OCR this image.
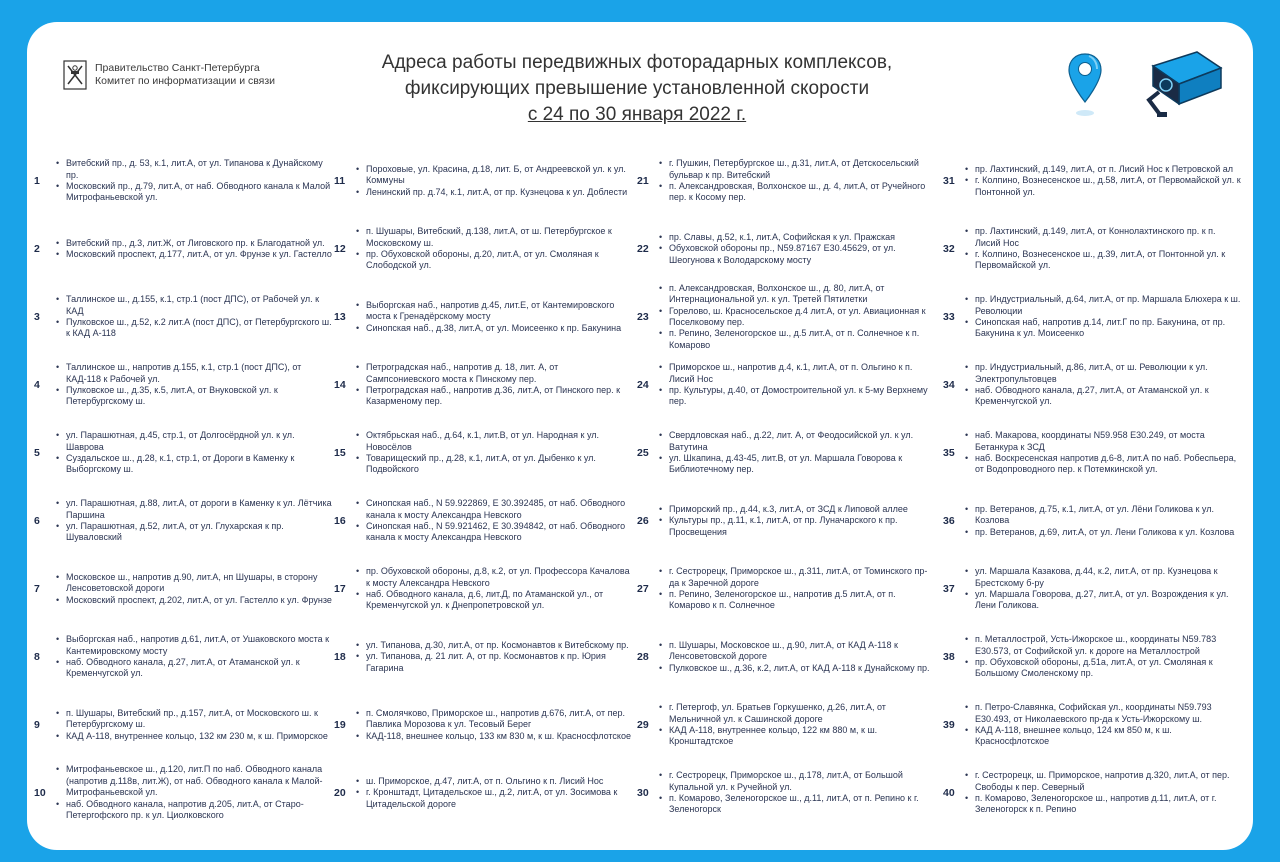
Правительство Санкт-Петербурга
Комитет по информатизации и связи
Адреса работы передвижных фоторадарных комплексов,
фиксирующих превышение установленной скорости
с 24 по 30 января 2022 г.
1
• Витебский пр., д. 53, к.1, лит.А, от ул. Типанова к Дунайскому пр.
• Московский пр., д.79, лит.А, от наб. Обводного канала к Малой Митрофаньевской ул.
2
• Витебский пр., д.3, лит.Ж, от Лиговского пр. к Благодатной ул.
• Московский проспект, д.177, лит.А, от ул. Фрунзе к ул. Гастелло
3
• Таллинское ш., д.155, к.1, стр.1 (пост ДПС), от Рабочей ул. к КАД
• Пулковское ш., д.52, к.2 лит.А (пост ДПС), от Петербургского ш. к КАД А-118
4
• Таллинское ш., напротив д.155, к.1, стр.1 (пост ДПС), от КАД-118 к Рабочей ул.
• Пулковское ш., д.35, к.5, лит.А, от Внуковской ул. к Петербургскому ш.
5
• ул. Парашютная, д.45, стр.1, от Долгосёрдной ул. к ул. Шаврова
• Суздальское ш., д.28, к.1, стр.1, от Дороги в Каменку к Выборгскому ш.
6
• ул. Парашютная, д.88, лит.А, от дороги в Каменку к ул. Лётчика Паршина
• ул. Парашютная, д.52, лит.А, от ул. Глухарская к пр. Шуваловский
7
• Московское ш., напротив д.90, лит.А, нп Шушары, в сторону Ленсоветовской дороги
• Московский проспект, д.202, лит.А, от ул. Гастелло к ул. Фрунзе
8
• Выборгская наб., напротив д.61, лит.А, от Ушаковского моста к Кантемировскому мосту
• наб. Обводного канала, д.27, лит.А, от Атаманской ул. к Кременчугской ул.
9
• п. Шушары, Витебский пр., д.157, лит.А, от Московского ш. к Петербургскому ш.
• КАД А-118, внутреннее кольцо, 132 км 230 м, к ш. Приморское
10
• Митрофаньевское ш., д.120, лит.П по наб. Обводного канала (напротив д.118в, лит.Ж), от наб. Обводного канала к Малой-Митрофаньевской ул.
• наб. Обводного канала, напротив д.205, лит.А, от Старо-Петергофского пр. к ул. Циолковского
11
• Пороховые, ул. Красина, д.18, лит. Б, от Андреевской ул. к ул. Коммуны
• Ленинский пр. д.74, к.1, лит.А, от пр. Кузнецова к ул. Доблести
12
• п. Шушары, Витебский, д.138, лит.А, от ш. Петербургское к Московскому ш.
• пр. Обуховской обороны, д.20, лит.А, от ул. Смоляная к Слободской ул.
13
• Выборгская наб., напротив д.45, лит.Е, от Кантемировского моста к Гренадёрскому мосту
• Синопская наб., д.38, лит.А, от ул. Моисеенко к пр. Бакунина
14
• Петроградская наб., напротив д. 18, лит. А, от Сампсониевского моста к Пинскому пер.
• Петроградская наб., напротив д.36, лит.А, от Пинского пер. к Казарменому пер.
15
• Октябрьская наб., д.64, к.1, лит.В, от ул. Народная к ул. Новосёлов
• Товарищеский пр., д.28, к.1, лит.А, от ул. Дыбенко к ул. Подвойского
16
• Синопская наб., N 59.922869, E 30.392485, от наб. Обводного канала к мосту Александра Невского
• Синопская наб., N 59.921462, E 30.394842, от наб. Обводного канала к мосту Александра Невского
17
• пр. Обуховской обороны, д.8, к.2, от ул. Профессора Качалова к мосту Александра Невского
• наб. Обводного канала, д.6, лит.Д, по Атаманской ул., от Кременчугской ул. к Днепропетровской ул.
18
• ул. Типанова, д.30, лит.А, от пр. Космонавтов к Витебскому пр.
• ул. Типанова, д. 21 лит. А, от пр. Космонавтов к пр. Юрия Гагарина
19
• п. Смолячково, Приморское ш., напротив д.676, лит.А, от пер. Павлика Морозова к ул. Тесовый Берег
• КАД-118, внешнее кольцо, 133 км 830 м, к ш. Красносфлотское
20
• ш. Приморское, д.47, лит.А, от п. Ольгино к п. Лисий Нос
• г. Кронштадт, Цитадельское ш., д.2, лит.А, от ул. Зосимова к Цитадельской дороге
21
• г. Пушкин, Петербургское ш., д.31, лит.А, от Детскосельский бульвар к пр. Витебский
• п. Александровская, Волхонское ш., д. 4, лит.А, от Ручейного пер. к Косому пер.
22
• пр. Славы, д.52, к.1, лит.А, Софийская к ул. Пражская
• Обуховской обороны пр., N59.87167 E30.45629, от ул. Шеогунова к Володарскому мосту
23
• п. Александровская, Волхонское ш., д. 80, лит.А, от Интернациональной ул. к ул. Третей Пятилетки
• Горелово, ш. Красносельское д.4 лит.А, от ул. Авиационная к Поселковому пер.
• п. Репино, Зеленогорское ш., д.5 лит.А, от п. Солнечное к п. Комарово
24
• Приморское ш., напротив д.4, к.1, лит.А, от п. Ольгино к п. Лисий Нос
• пр. Культуры, д.40, от Домостроительной ул. к 5-му Верхнему пер.
25
• Свердловская наб., д.22, лит. А, от Феодосийской ул. к ул. Ватутина
• ул. Шкапина, д.43-45, лит.В, от ул. Маршала Говорова к Библиотечному пер.
26
• Приморский пр., д.44, к.3, лит.А, от ЗСД к Липовой аллее
• Культуры пр., д.11, к.1, лит.А, от пр. Луначарского к пр. Просвещения
27
• г. Сестрорецк, Приморское ш., д.311, лит.А, от Томинского пр-да к Заречной дороге
• п. Репино, Зеленогорское ш., напротив д.5 лит.А, от п. Комарово к п. Солнечное
28
• п. Шушары, Московское ш., д.90, лит.А, от КАД А-118 к Ленсоветовской дороге
• Пулковское ш., д.36, к.2, лит.А, от КАД А-118 к Дунайскому пр.
29
• г. Петергоф, ул. Братьев Горкушенко, д.26, лит.А, от Мельничной ул. к Сашинской дороге
• КАД А-118, внутреннее кольцо, 122 км 880 м, к ш. Кронштадтское
30
• г. Сестрорецк, Приморское ш., д.178, лит.А, от Большой Купальной ул. к Ручейной ул.
• п. Комарово, Зеленогорское ш., д.11, лит.А, от п. Репино к г. Зеленогорск
31
• пр. Лахтинский, д.149, лит.А, от п. Лисий Нос к Петровской ал
• г. Колпино, Вознесенское ш., д.58, лит.А, от Первомайской ул. к Понтонной ул.
32
• пр. Лахтинский, д.149, лит.А, от Коннолахтинского пр. к п. Лисий Нос
• г. Колпино, Вознесенское ш., д.39, лит.А, от Понтонной ул. к Первомайской ул.
33
• пр. Индустриальный, д.64, лит.А, от пр. Маршала Блюхера к ш. Революции
• Синопская наб, напротив д.14, лит.Г по пр. Бакунина, от пр. Бакунина к ул. Моисеенко
34
• пр. Индустриальный, д.86, лит.А, от ш. Революции к ул. Электропультовцев
• наб. Обводного канала, д.27, лит.А, от Атаманской ул. к Кременчугской ул.
35
• наб. Макарова, координаты N59.958 E30.249, от моста Бетанкура к ЗСД
• наб. Воскресенская напротив д.6-8, лит.А по наб. Робеспьера, от Водопроводного пер. к Потемкинской ул.
36
• пр. Ветеранов, д.75, к.1, лит.А, от ул. Лёни Голикова к ул. Козлова
• пр. Ветеранов, д.69, лит.А, от ул. Лени Голикова к ул. Козлова
37
• ул. Маршала Казакова, д.44, к.2, лит.А, от пр. Кузнецова к Брестскому б-ру
• ул. Маршала Говорова, д.27, лит.А, от ул. Возрождения к ул. Лени Голикова.
38
• п. Металлострой, Усть-Ижорское ш., координаты N59.783 E30.573, от Софийской ул. к дороге на Металлострой
• пр. Обуховской обороны, д.51а, лит.А, от ул. Смоляная к Большому Смоленскому пр.
39
• п. Петро-Славянка, Софийская ул., координаты N59.793 E30.493, от Николаевского пр-да к Усть-Ижорскому ш.
• КАД А-118, внешнее кольцо, 124 км 850 м, к ш. Красносфлотское
40
• г. Сестрорецк, ш. Приморское, напротив д.320, лит.А, от пер. Свободы к пер. Северный
• п. Комарово, Зеленогорское ш., напротив д.11, лит.А, от г. Зеленогорск к п. Репино
